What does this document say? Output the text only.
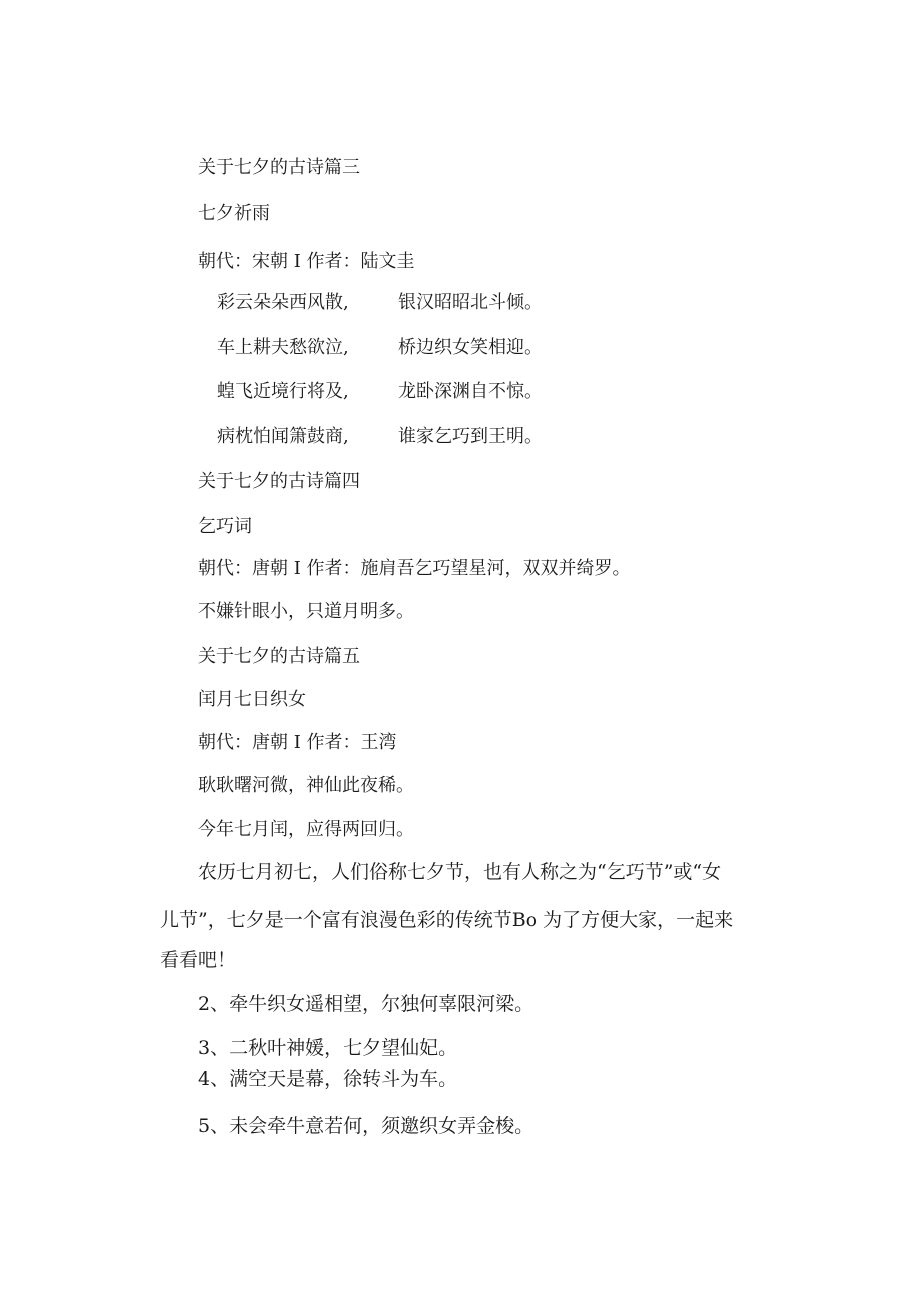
关于七夕的古诗篇三
七夕祈雨
朝代：宋朝 I 作者：陆文圭
彩云朵朵西风散,	银汉昭昭北斗倾。
车上耕夫愁欲泣,	桥边织女笑相迎。
蝗飞近境行将及,	龙卧深渊自不惊。
病枕怕闻箫鼓商,	谁家乞巧到王明。
关于七夕的古诗篇四
乞巧词
朝代：唐朝 I 作者：施肩吾乞巧望星河，双双并绮罗。
不嫌针眼小，只道月明多。
关于七夕的古诗篇五
闰月七日织女
朝代：唐朝 I 作者：王湾
耿耿曙河微，神仙此夜稀。
今年七月闰，应得两回归。
农历七月初七，人们俗称七夕节，也有人称之为“乞巧节”或“女
儿节”，七夕是一个富有浪漫色彩的传统节Bo 为了方便大家，一起来
看看吧！
2、牵牛织女遥相望，尔独何辜限河梁。
3、二秋叶神媛，七夕望仙妃。
4、满空天是幕，徐转斗为车。
5、未会牵牛意若何，须邀织女弄金梭。
